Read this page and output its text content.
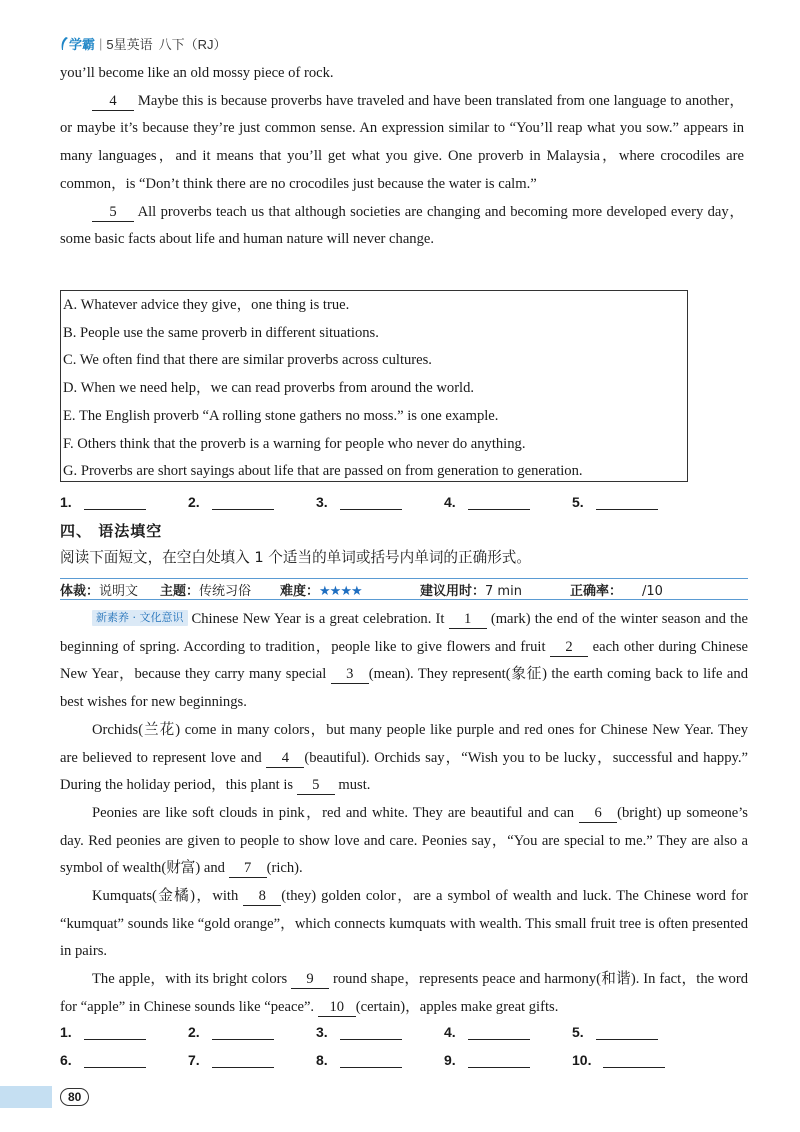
学霸 | 5星英语 八下（RJ）

you’ll become like an old mossy piece of rock.

4 Maybe this is because proverbs have traveled and have been translated from one language to another，or maybe it’s because they’re just common sense. An expression similar to “You’ll reap what you sow.” appears in many languages，and it means that you’ll get what you give. One proverb in Malaysia，where crocodiles are common，is “Don’t think there are no crocodiles just because the water is calm.”

5 All proverbs teach us that although societies are changing and becoming more developed every day，some basic facts about life and human nature will never change.

A. Whatever advice they give，one thing is true.
B. People use the same proverb in different situations.
C. We often find that there are similar proverbs across cultures.
D. When we need help，we can read proverbs from around the world.
E. The English proverb “A rolling stone gathers no moss.” is one example.
F. Others think that the proverb is a warning for people who never do anything.
G. Proverbs are short sayings about life that are passed on from generation to generation.
1.	2.	3.	4.	5.
四、 语法填空
阅读下面短文，在空白处填入 1 个适当的单词或括号内单词的正确形式。
体裁：说明文	主题：传统习俗	难度：★★★★	建议用时：7 min	正确率： /10

新素养 · 文化意识 Chinese New Year is a great celebration. It 1 (mark) the end of the winter season and the beginning of spring. According to tradition，people like to give flowers and fruit 2 each other during Chinese New Year，because they carry many special 3 (mean). They represent(象征) the earth coming back to life and best wishes for new beginnings.

Orchids(兰花) come in many colors，but many people like purple and red ones for Chinese New Year. They are believed to represent love and 4 (beautiful). Orchids say，“Wish you to be lucky，successful and happy.” During the holiday period，this plant is 5 must.

Peonies are like soft clouds in pink，red and white. They are beautiful and can 6 (bright) up someone’s day. Red peonies are given to people to show love and care. Peonies say，“You are special to me.” They are also a symbol of wealth(财富) and 7 (rich).

Kumquats(金橘)，with 8 (they) golden color，are a symbol of wealth and luck. The Chinese word for “kumquat” sounds like “gold orange”，which connects kumquats with wealth. This small fruit tree is often presented in pairs.

The apple，with its bright colors 9 round shape，represents peace and harmony(和谐). In fact，the word for “apple” in Chinese sounds like “peace”. 10 (certain)，apples make great gifts.

1.	2.	3.	4.	5.
6.	7.	8.	9.	10.
80
